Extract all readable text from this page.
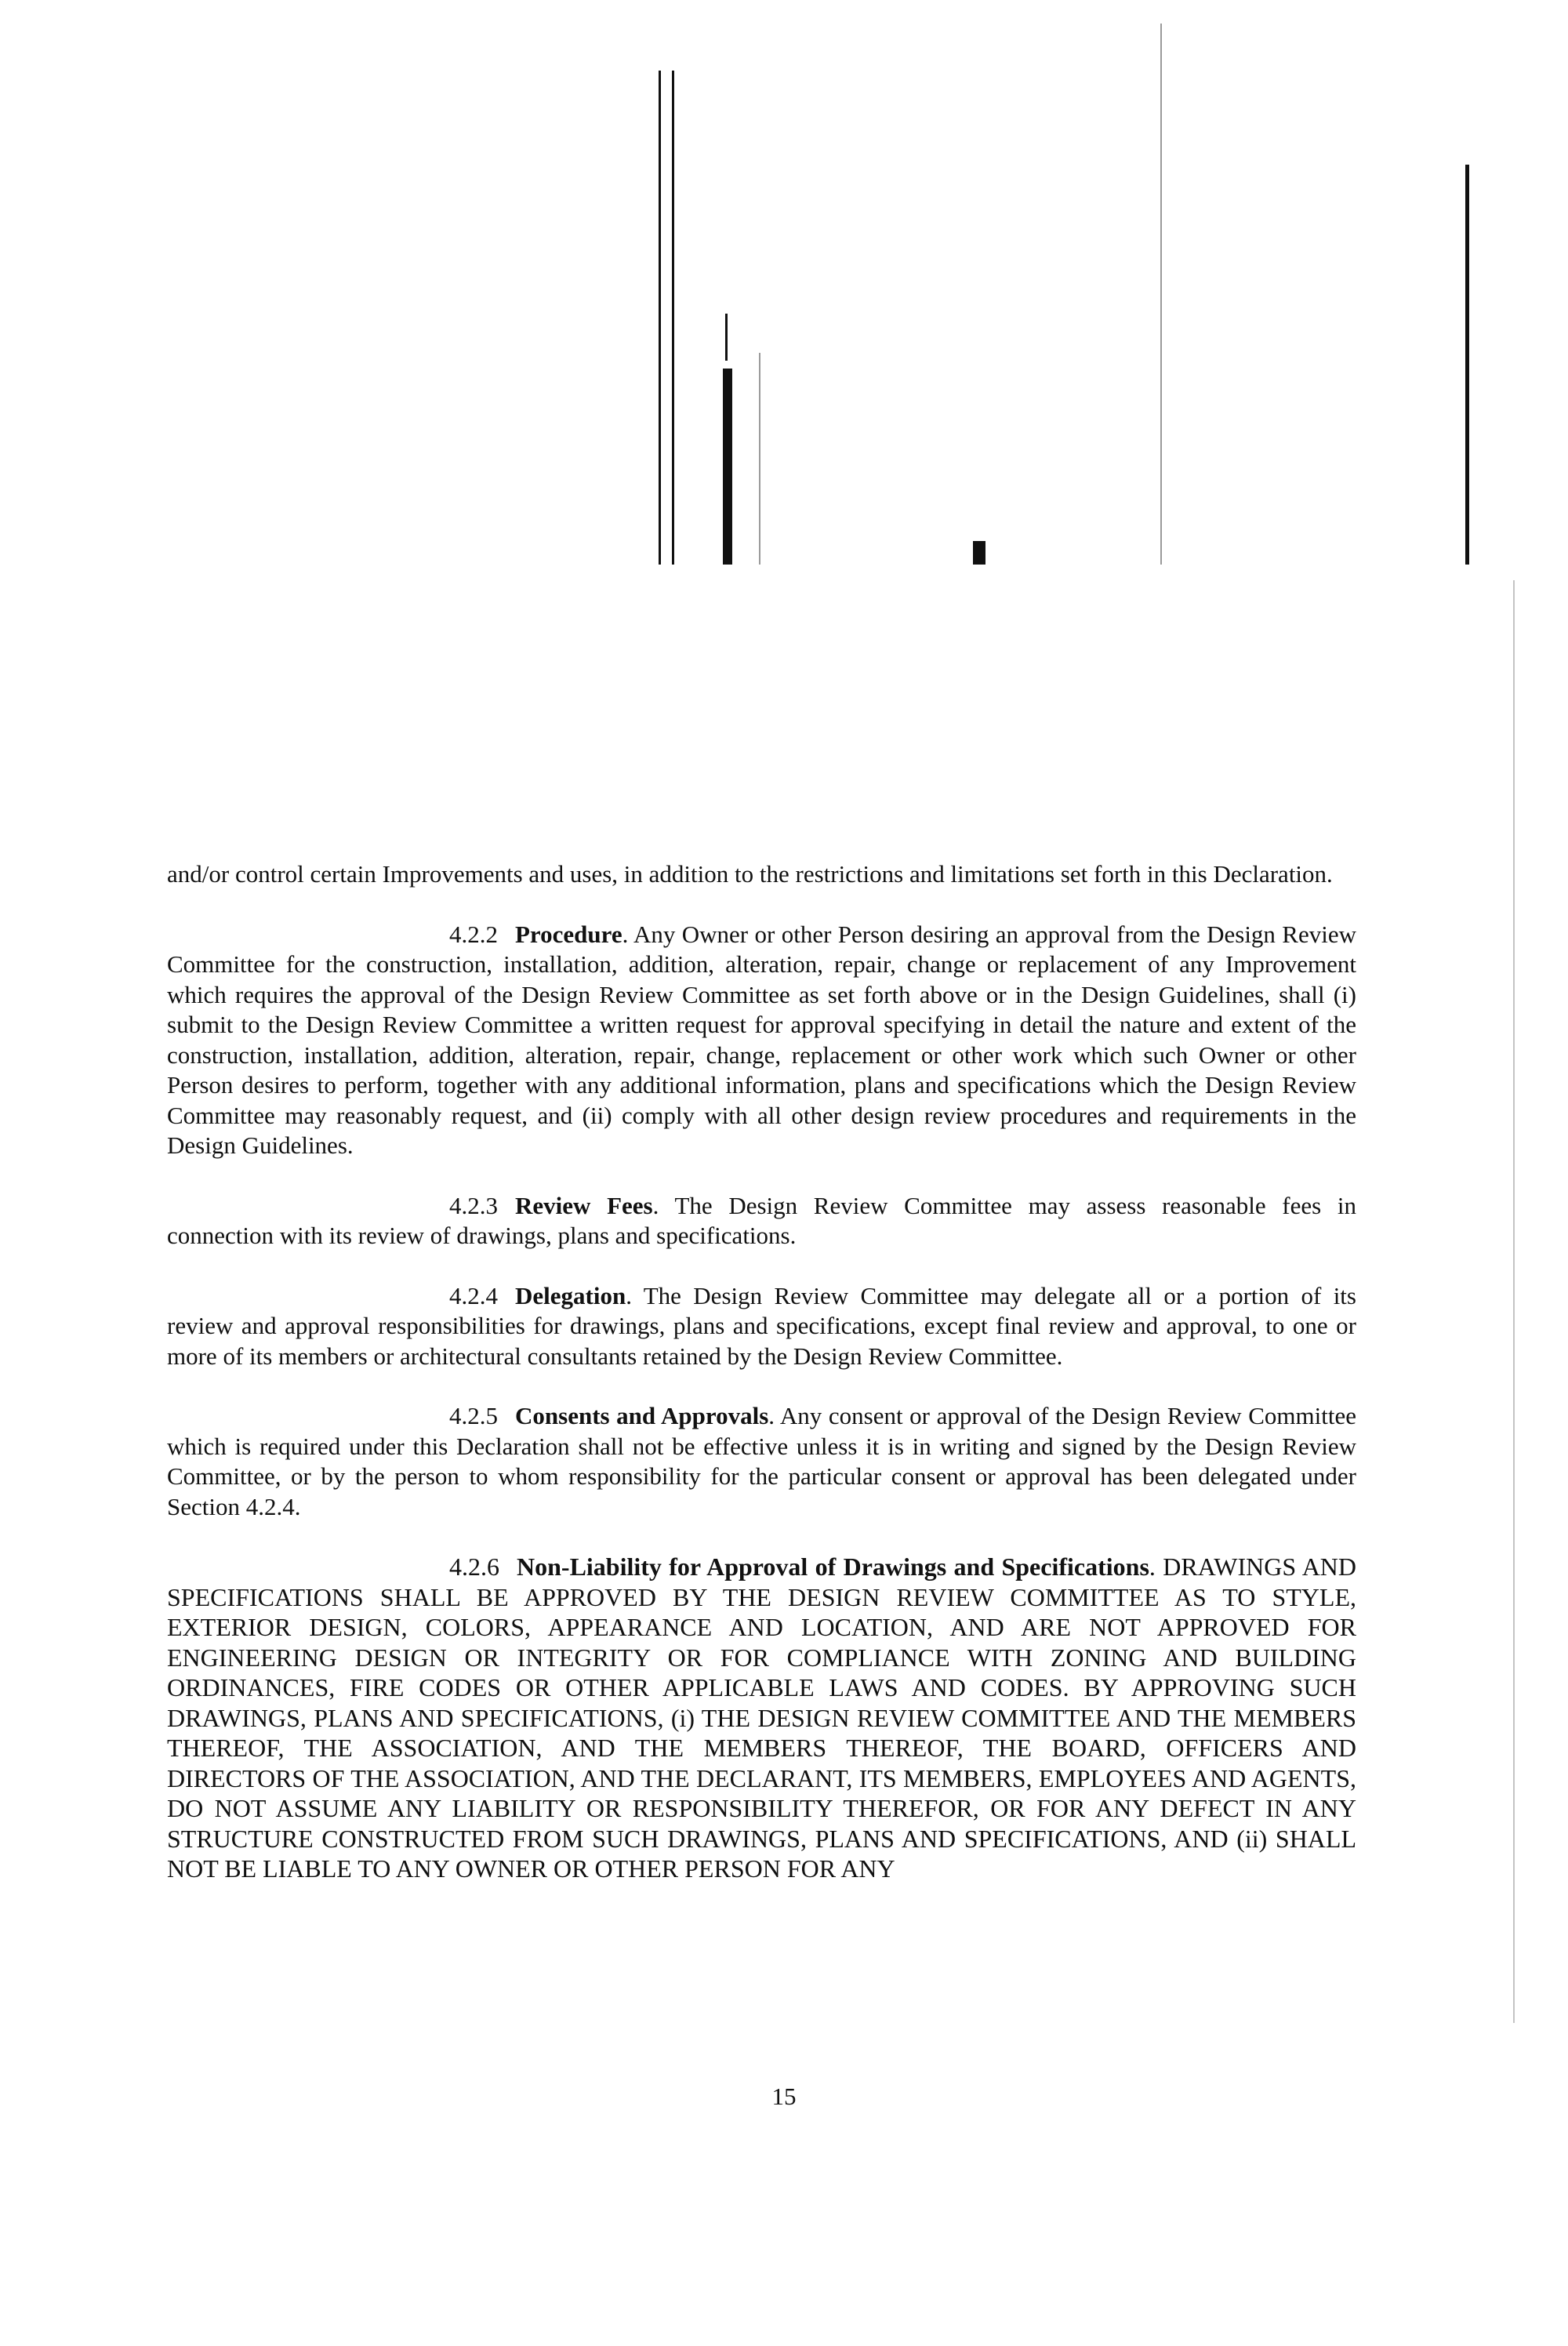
and/or control certain Improvements and uses, in addition to the restrictions and limitations set forth in this Declaration.

4.2.2 Procedure. Any Owner or other Person desiring an approval from the Design Review Committee for the construction, installation, addition, alteration, repair, change or replacement of any Improvement which requires the approval of the Design Review Committee as set forth above or in the Design Guidelines, shall (i) submit to the Design Review Committee a written request for approval specifying in detail the nature and extent of the construction, installation, addition, alteration, repair, change, replacement or other work which such Owner or other Person desires to perform, together with any additional information, plans and specifications which the Design Review Committee may reasonably request, and (ii) comply with all other design review procedures and requirements in the Design Guidelines.

4.2.3 Review Fees. The Design Review Committee may assess reasonable fees in connection with its review of drawings, plans and specifications.

4.2.4 Delegation. The Design Review Committee may delegate all or a portion of its review and approval responsibilities for drawings, plans and specifications, except final review and approval, to one or more of its members or architectural consultants retained by the Design Review Committee.

4.2.5 Consents and Approvals. Any consent or approval of the Design Review Committee which is required under this Declaration shall not be effective unless it is in writing and signed by the Design Review Committee, or by the person to whom responsibility for the particular consent or approval has been delegated under Section 4.2.4.

4.2.6 Non-Liability for Approval of Drawings and Specifications. DRAWINGS AND SPECIFICATIONS SHALL BE APPROVED BY THE DESIGN REVIEW COMMITTEE AS TO STYLE, EXTERIOR DESIGN, COLORS, APPEARANCE AND LOCATION, AND ARE NOT APPROVED FOR ENGINEERING DESIGN OR INTEGRITY OR FOR COMPLIANCE WITH ZONING AND BUILDING ORDINANCES, FIRE CODES OR OTHER APPLICABLE LAWS AND CODES. BY APPROVING SUCH DRAWINGS, PLANS AND SPECIFICATIONS, (i) THE DESIGN REVIEW COMMITTEE AND THE MEMBERS THEREOF, THE ASSOCIATION, AND THE MEMBERS THEREOF, THE BOARD, OFFICERS AND DIRECTORS OF THE ASSOCIATION, AND THE DECLARANT, ITS MEMBERS, EMPLOYEES AND AGENTS, DO NOT ASSUME ANY LIABILITY OR RESPONSIBILITY THEREFOR, OR FOR ANY DEFECT IN ANY STRUCTURE CONSTRUCTED FROM SUCH DRAWINGS, PLANS AND SPECIFICATIONS, AND (ii) SHALL NOT BE LIABLE TO ANY OWNER OR OTHER PERSON FOR ANY

15
